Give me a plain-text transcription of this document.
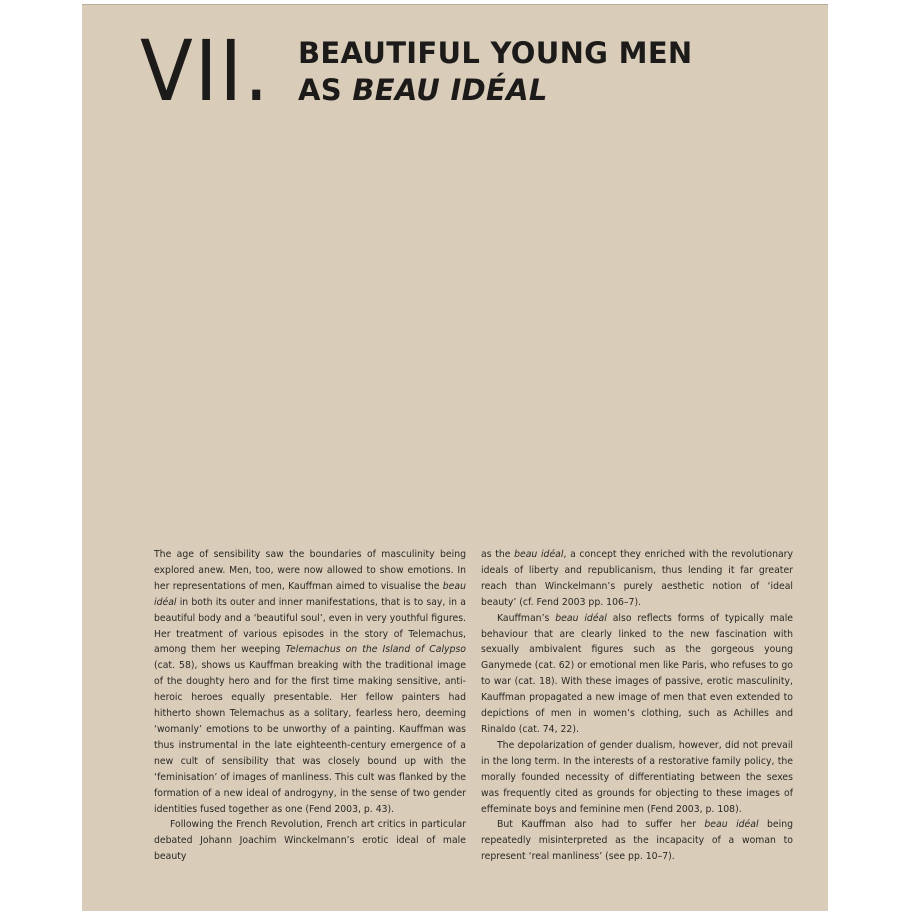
VII. BEAUTIFUL YOUNG MEN
AS BEAU IDÉAL

The age of sensibility saw the boundaries of masculinity being explored anew. Men, too, were now allowed to show emotions. In her representations of men, Kauffman aimed to visualise the beau idéal in both its outer and inner manifestations, that is to say, in a beautiful body and a ‘beautiful soul’, even in very youthful figures. Her treatment of various episodes in the story of Telemachus, among them her weeping Telemachus on the Island of Calypso (cat. 58), shows us Kauffman breaking with the traditional image of the doughty hero and for the first time making sensitive, anti-heroic heroes equally presentable. Her fellow painters had hitherto shown Telemachus as a solitary, fearless hero, deeming ‘womanly’ emotions to be unworthy of a painting. Kauffman was thus instrumental in the late eighteenth-century emergence of a new cult of sensibility that was closely bound up with the ‘feminisation’ of images of manliness. This cult was flanked by the formation of a new ideal of androgyny, in the sense of two gender identities fused together as one (Fend 2003, p. 43).

Following the French Revolution, French art critics in particular debated Johann Joachim Winckelmann’s erotic ideal of male beauty

as the beau idéal, a concept they enriched with the revolutionary ideals of liberty and republicanism, thus lending it far greater reach than Winckelmann’s purely aesthetic notion of ‘ideal beauty’ (cf. Fend 2003 pp. 106–7).

Kauffman’s beau idéal also reflects forms of typically male behaviour that are clearly linked to the new fascination with sexually ambivalent figures such as the gorgeous young Ganymede (cat. 62) or emotional men like Paris, who refuses to go to war (cat. 18). With these images of passive, erotic masculinity, Kauffman propagated a new image of men that even extended to depictions of men in women’s clothing, such as Achilles and Rinaldo (cat. 74, 22).

The depolarization of gender dualism, however, did not prevail in the long term. In the interests of a restorative family policy, the morally founded necessity of differentiating between the sexes was frequently cited as grounds for objecting to these images of effeminate boys and feminine men (Fend 2003, p. 108).

But Kauffman also had to suffer her beau idéal being repeatedly misinterpreted as the incapacity of a woman to represent ‘real manliness’ (see pp. 10–7).
